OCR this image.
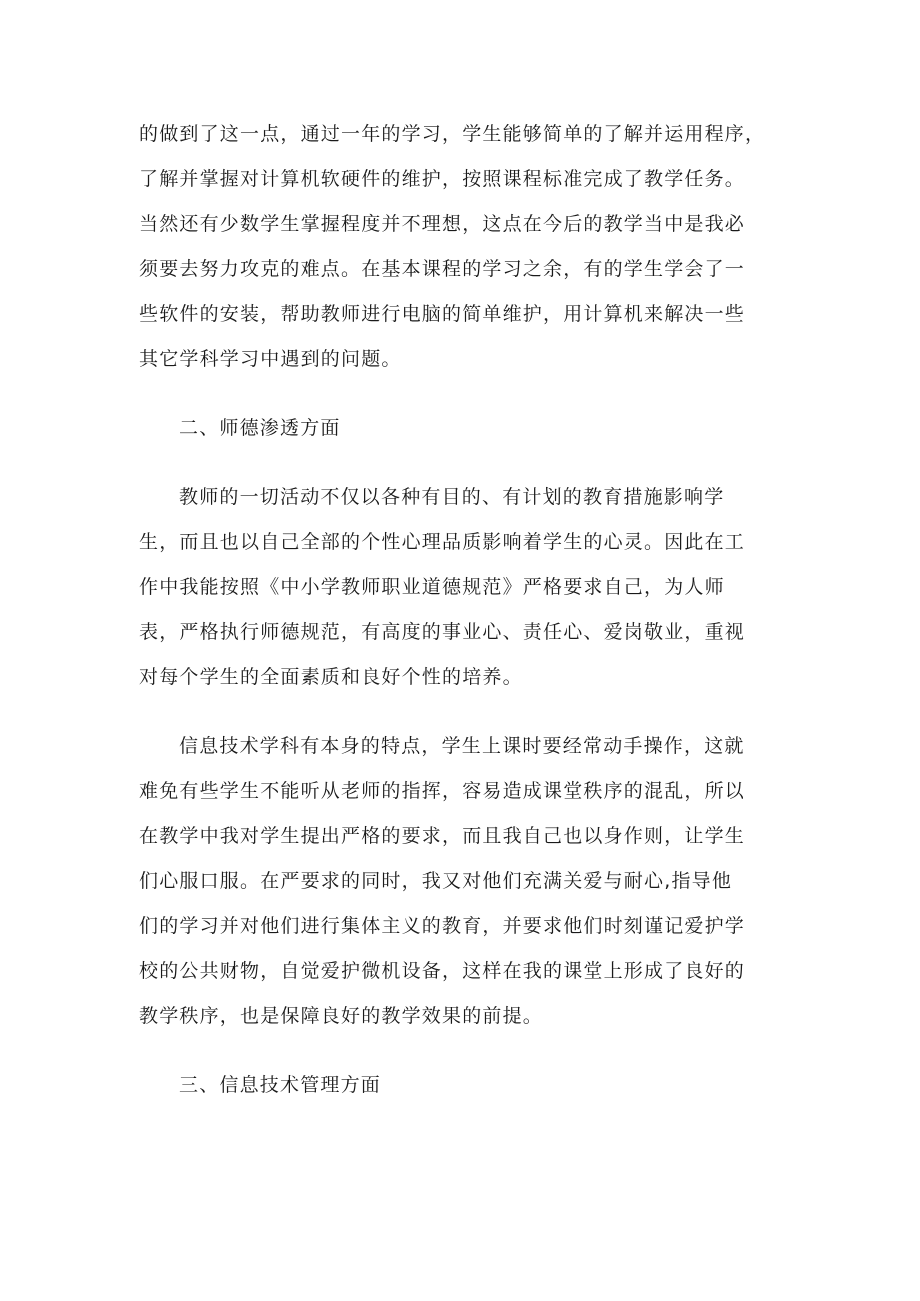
的做到了这一点，通过一年的学习，学生能够简单的了解并运用程序，
了解并掌握对计算机软硬件的维护，按照课程标准完成了教学任务。
当然还有少数学生掌握程度并不理想，这点在今后的教学当中是我必
须要去努力攻克的难点。在基本课程的学习之余，有的学生学会了一
些软件的安装，帮助教师进行电脑的简单维护，用计算机来解决一些
其它学科学习中遇到的问题。
二、师德渗透方面
教师的一切活动不仅以各种有目的、有计划的教育措施影响学
生，而且也以自己全部的个性心理品质影响着学生的心灵。因此在工
作中我能按照《中小学教师职业道德规范》严格要求自己，为人师
表，严格执行师德规范，有高度的事业心、责任心、爱岗敬业，重视
对每个学生的全面素质和良好个性的培养。
信息技术学科有本身的特点，学生上课时要经常动手操作，这就
难免有些学生不能听从老师的指挥，容易造成课堂秩序的混乱，所以
在教学中我对学生提出严格的要求，而且我自己也以身作则，让学生
们心服口服。在严要求的同时，我又对他们充满关爱与耐心,指导他
们的学习并对他们进行集体主义的教育，并要求他们时刻谨记爱护学
校的公共财物，自觉爱护微机设备，这样在我的课堂上形成了良好的
教学秩序，也是保障良好的教学效果的前提。
三、信息技术管理方面
